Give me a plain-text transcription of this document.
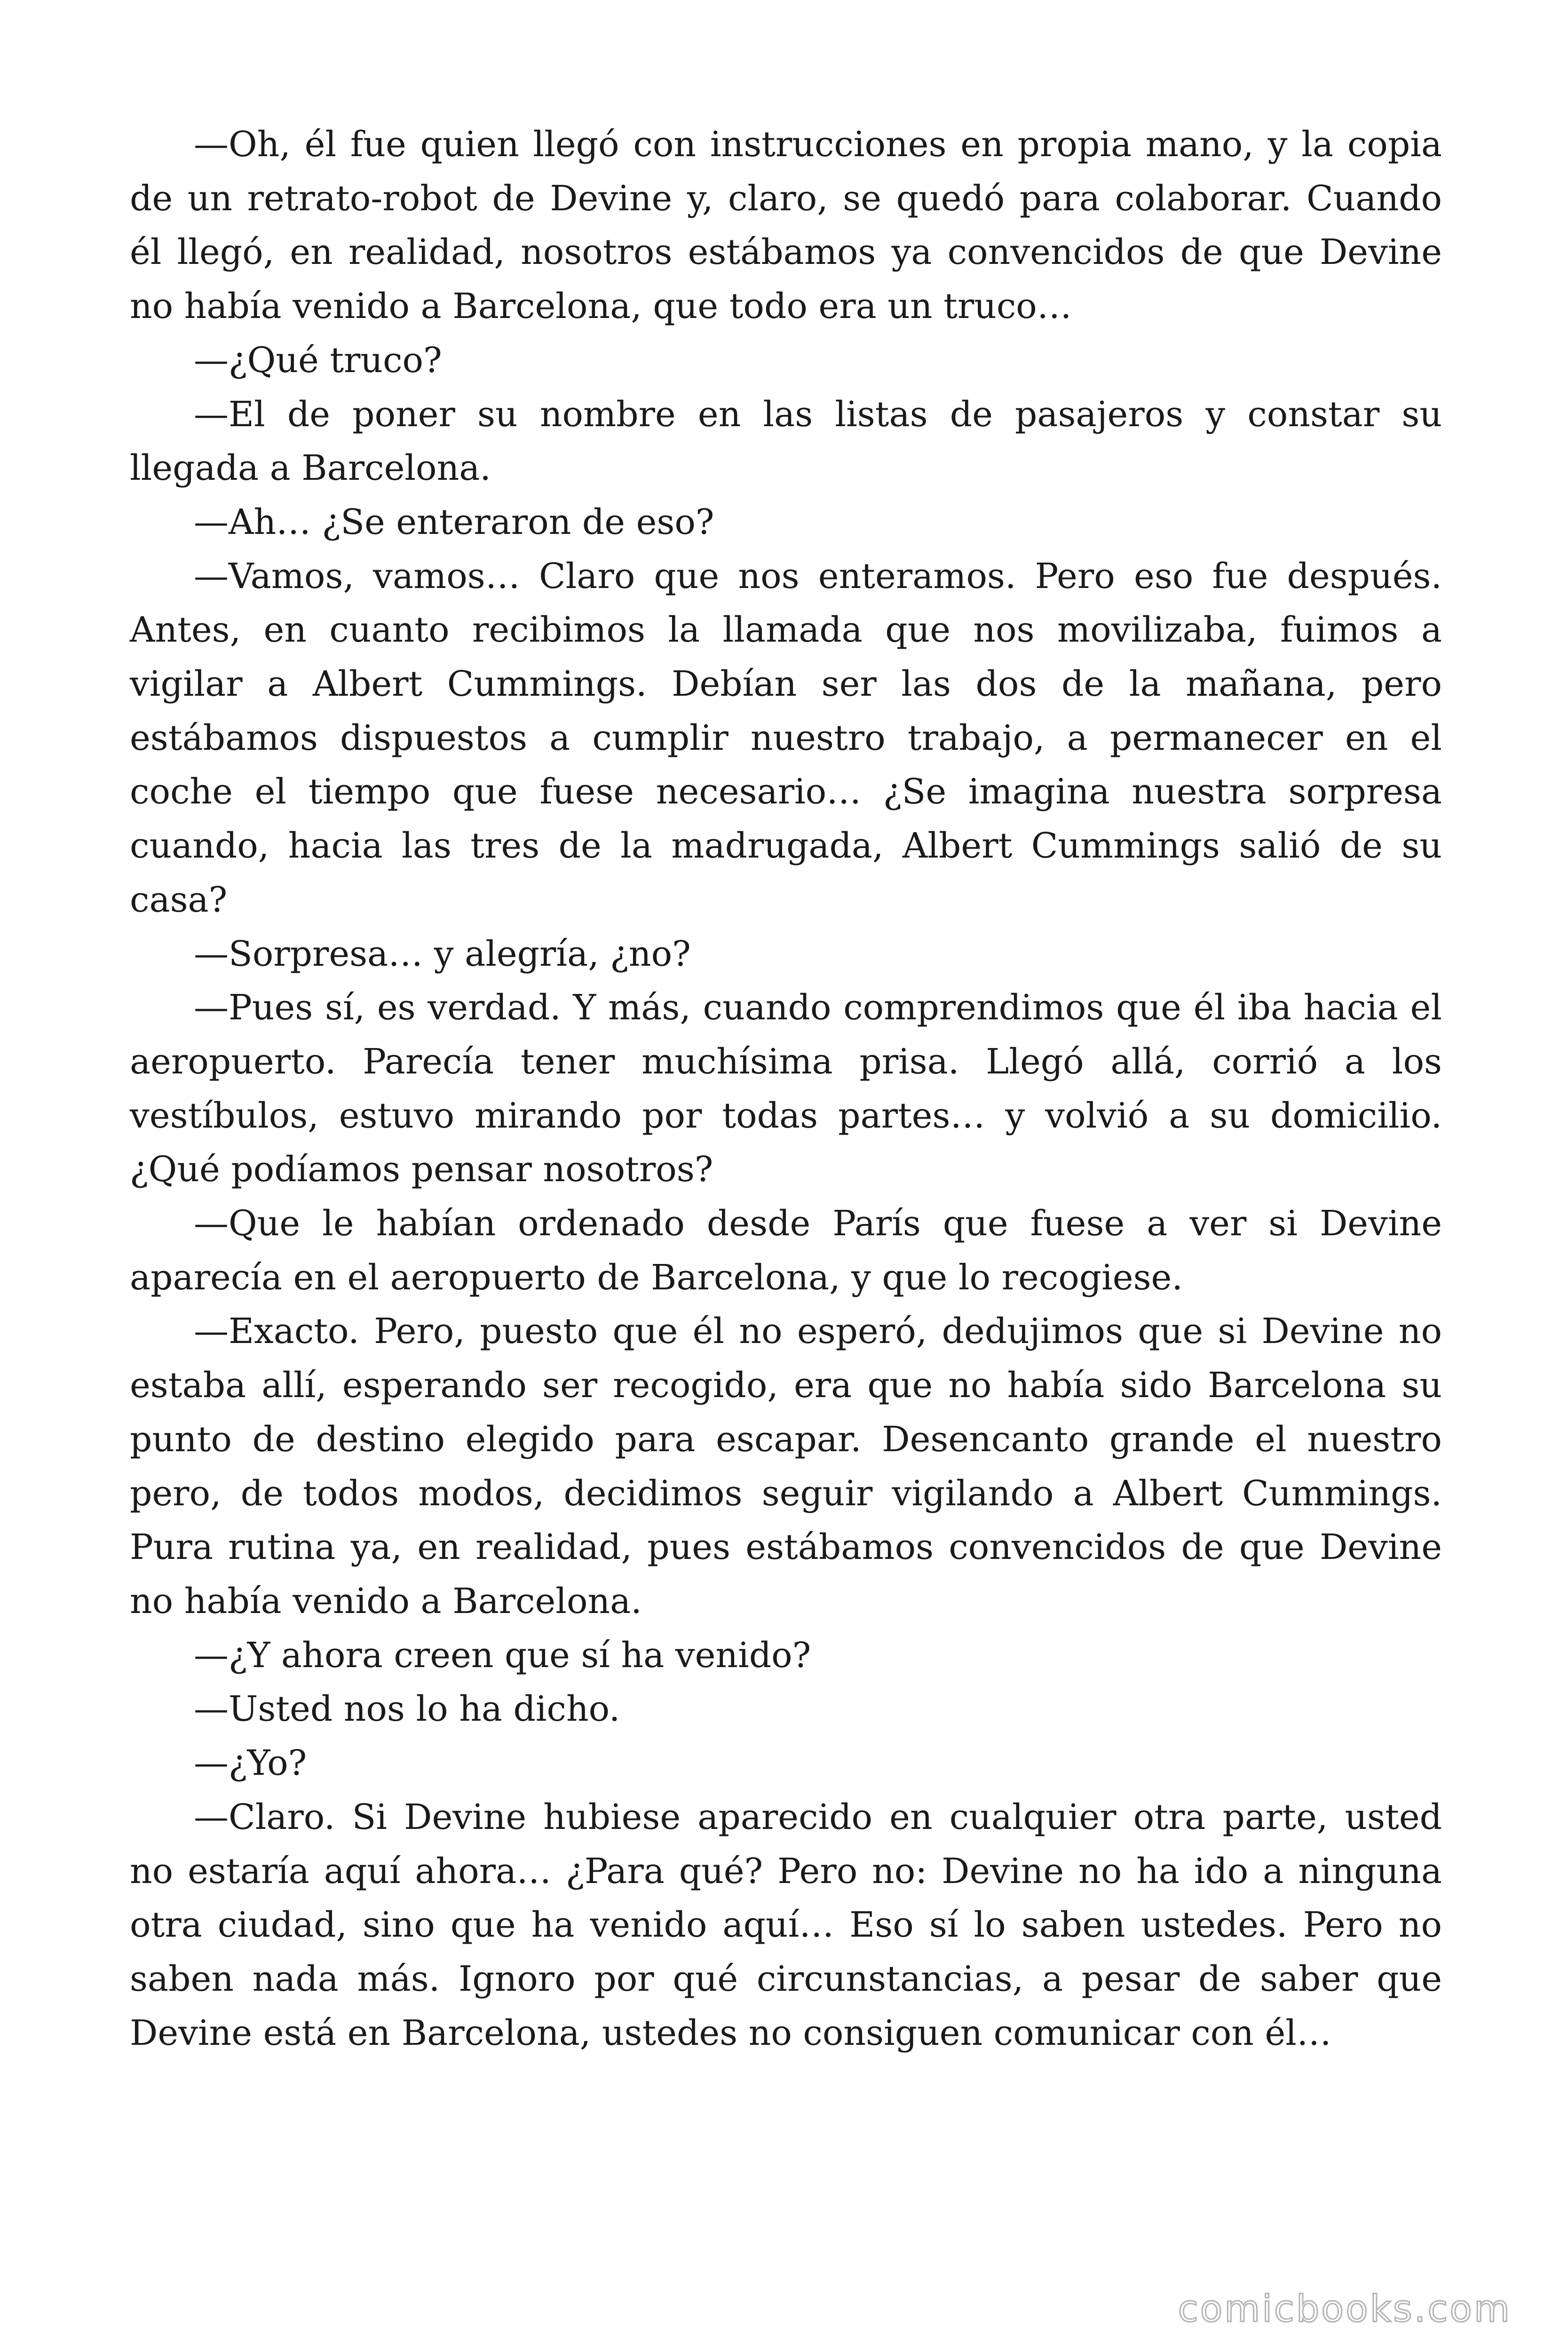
—Oh, él fue quien llegó con instrucciones en propia mano, y la copia de un retrato-robot de Devine y, claro, se quedó para colaborar. Cuando él llegó, en realidad, nosotros estábamos ya convencidos de que Devine no había venido a Barcelona, que todo era un truco…

—¿Qué truco?

—El de poner su nombre en las listas de pasajeros y constar su llegada a Barcelona.

—Ah… ¿Se enteraron de eso?

—Vamos, vamos… Claro que nos enteramos. Pero eso fue después. Antes, en cuanto recibimos la llamada que nos movilizaba, fuimos a vigilar a Albert Cummings. Debían ser las dos de la mañana, pero estábamos dispuestos a cumplir nuestro trabajo, a permanecer en el coche el tiempo que fuese necesario… ¿Se imagina nuestra sorpresa cuando, hacia las tres de la madrugada, Albert Cummings salió de su casa?

—Sorpresa… y alegría, ¿no?

—Pues sí, es verdad. Y más, cuando comprendimos que él iba hacia el aeropuerto. Parecía tener muchísima prisa. Llegó allá, corrió a los vestíbulos, estuvo mirando por todas partes… y volvió a su domicilio. ¿Qué podíamos pensar nosotros?

—Que le habían ordenado desde París que fuese a ver si Devine aparecía en el aeropuerto de Barcelona, y que lo recogiese.

—Exacto. Pero, puesto que él no esperó, dedujimos que si Devine no estaba allí, esperando ser recogido, era que no había sido Barcelona su punto de destino elegido para escapar. Desencanto grande el nuestro pero, de todos modos, decidimos seguir vigilando a Albert Cummings. Pura rutina ya, en realidad, pues estábamos convencidos de que Devine no había venido a Barcelona.

—¿Y ahora creen que sí ha venido?

—Usted nos lo ha dicho.

—¿Yo?

—Claro. Si Devine hubiese aparecido en cualquier otra parte, usted no estaría aquí ahora… ¿Para qué? Pero no: Devine no ha ido a ninguna otra ciudad, sino que ha venido aquí… Eso sí lo saben ustedes. Pero no saben nada más. Ignoro por qué circunstancias, a pesar de saber que Devine está en Barcelona, ustedes no consiguen comunicar con él…

comicbooks.com
